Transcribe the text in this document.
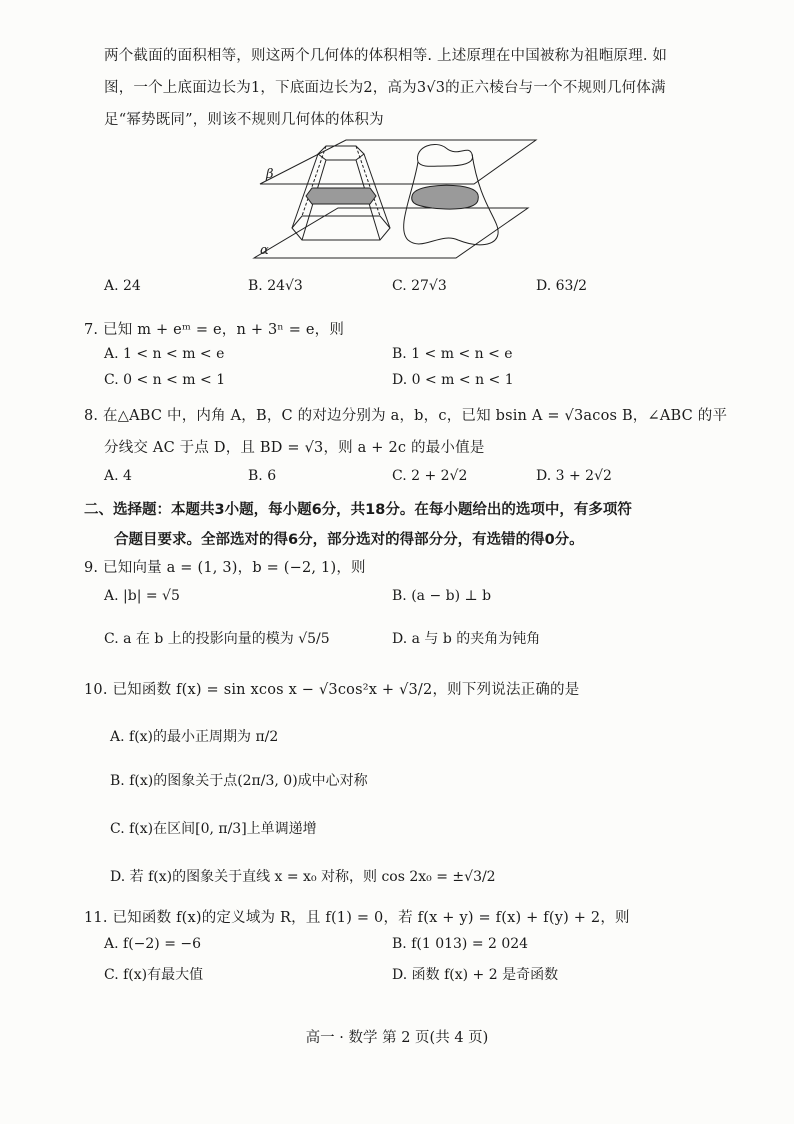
两个截面的面积相等，则这两个几何体的体积相等. 上述原理在中国被称为祖暅原理. 如
图，一个上底面边长为1，下底面边长为2，高为3√3的正六棱台与一个不规则几何体满
足“幂势既同”，则该不规则几何体的体积为
β
α
A. 24	B. 24√3	C. 27√3	D. 63/2
7. 已知 m + eᵐ = e，n + 3ⁿ = e，则
A. 1 < n < m < e	B. 1 < m < n < e
C. 0 < n < m < 1	D. 0 < m < n < 1
8. 在△ABC 中，内角 A，B，C 的对边分别为 a，b，c，已知 bsin A = √3acos B，∠ABC 的平
分线交 AC 于点 D，且 BD = √3，则 a + 2c 的最小值是
A. 4	B. 6	C. 2 + 2√2	D. 3 + 2√2
二、选择题：本题共3小题，每小题6分，共18分。在每小题给出的选项中，有多项符
合题目要求。全部选对的得6分，部分选对的得部分分，有选错的得0分。
9. 已知向量 a = (1, 3)，b = (−2, 1)，则
A. |b| = √5	B. (a − b) ⊥ b
C. a 在 b 上的投影向量的模为 √5/5	D. a 与 b 的夹角为钝角
10. 已知函数 f(x) = sin xcos x − √3cos²x + √3/2，则下列说法正确的是
A. f(x)的最小正周期为 π/2
B. f(x)的图象关于点(2π/3, 0)成中心对称
C. f(x)在区间[0, π/3]上单调递增
D. 若 f(x)的图象关于直线 x = x₀ 对称，则 cos 2x₀ = ±√3/2
11. 已知函数 f(x)的定义域为 R，且 f(1) = 0，若 f(x + y) = f(x) + f(y) + 2，则
A. f(−2) = −6	B. f(1 013) = 2 024
C. f(x)有最大值	D. 函数 f(x) + 2 是奇函数
高一 · 数学 第 2 页(共 4 页)
